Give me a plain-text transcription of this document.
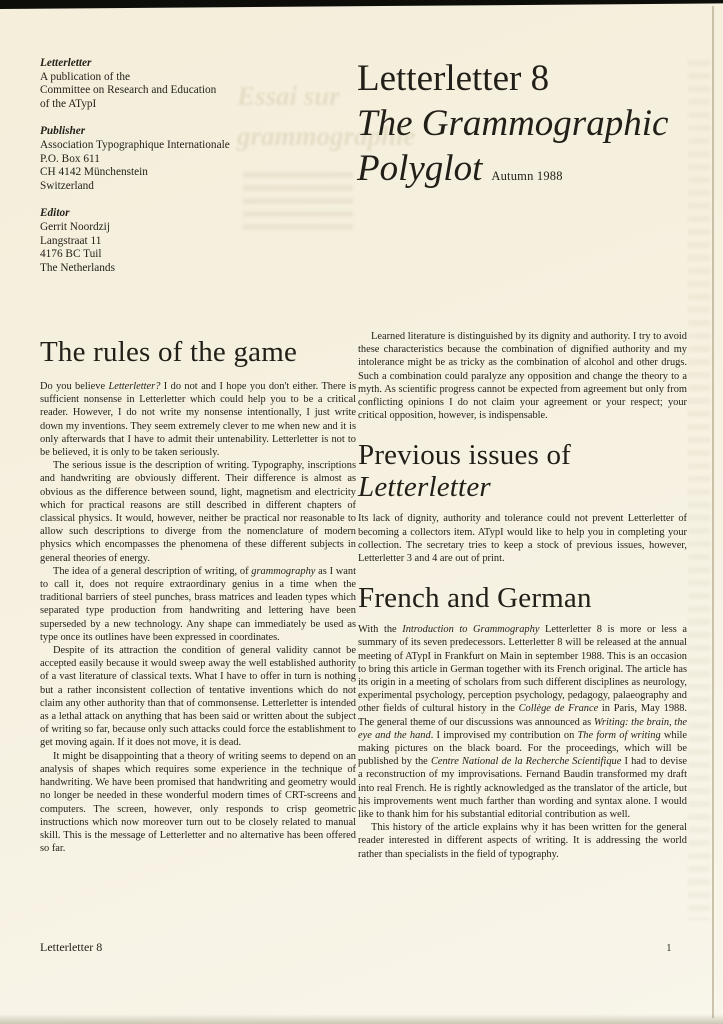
Essai sur
grammographie
Letterletter
A publication of the
Committee on Research and Education
of the ATypI
Publisher
Association Typographique Internationale
P.O. Box 611
CH 4142 Münchenstein
Switzerland
Editor
Gerrit Noordzij
Langstraat 11
4176 BC Tuil
The Netherlands
Letterletter 8
The Grammographic
Polyglot Autumn 1988
The rules of the game

Do you believe Letterletter? I do not and I hope you don't either. There is sufficient nonsense in Letterletter which could help you to be a critical reader. However, I do not write my nonsense intentionally, I just write down my inventions. They seem extremely clever to me when new and it is only afterwards that I have to admit their untenability. Letterletter is not to be believed, it is only to be taken seriously.

The serious issue is the description of writing. Typography, inscriptions and handwriting are obviously different. Their difference is almost as obvious as the difference between sound, light, magnetism and electricity which for practical reasons are still described in different chapters of classical physics. It would, however, neither be practical nor reasonable to allow such descriptions to diverge from the nomenclature of modern physics which encompasses the phenomena of these different subjects in general theories of energy.

The idea of a general description of writing, of grammography as I want to call it, does not require extraordinary genius in a time when the traditional barriers of steel punches, brass matrices and leaden types which separated type production from handwriting and lettering have been superseded by a new technology. Any shape can immediately be used as type once its outlines have been expressed in coordinates.

Despite of its attraction the condition of general validity cannot be accepted easily because it would sweep away the well established authority of a vast literature of classical texts. What I have to offer in turn is nothing but a rather inconsistent collection of tentative inventions which do not claim any other authority than that of commonsense. Letterletter is intended as a lethal attack on anything that has been said or written about the subject of writing so far, because only such attacks could force the establishment to get moving again. If it does not move, it is dead.

It might be disappointing that a theory of writing seems to depend on an analysis of shapes which requires some experience in the technique of handwriting. We have been promised that handwriting and geometry would no longer be needed in these wonderful modern times of CRT-screens and computers. The screen, however, only responds to crisp geometric instructions which now moreover turn out to be closely related to manual skill. This is the message of Letterletter and no alternative has been offered so far.

Learned literature is distinguished by its dignity and authority. I try to avoid these characteristics because the combination of dignified authority and my intolerance might be as tricky as the combination of alcohol and other drugs. Such a combination could paralyze any opposition and change the theory to a myth. As scientific progress cannot be expected from agreement but only from conflicting opinions I do not claim your agreement or your respect; your critical opposition, however, is indispensable.

Previous issues of
Letterletter

Its lack of dignity, authority and tolerance could not prevent Letterletter of becoming a collectors item. ATypI would like to help you in completing your collection. The secretary tries to keep a stock of previous issues, however, Letterletter 3 and 4 are out of print.

French and German

With the Introduction to Grammography Letterletter 8 is more or less a summary of its seven predecessors. Letterletter 8 will be released at the annual meeting of ATypI in Frankfurt on Main in september 1988. This is an occasion to bring this article in German together with its French original. The article has its origin in a meeting of scholars from such different disciplines as neurology, experimental psychology, perception psychology, pedagogy, palaeography and other fields of cultural history in the Collège de France in Paris, May 1988. The general theme of our discussions was announced as Writing: the brain, the eye and the hand. I improvised my contribution on The form of writing while making pictures on the black board. For the proceedings, which will be published by the Centre National de la Recherche Scientifique I had to devise a reconstruction of my improvisations. Fernand Baudin transformed my draft into real French. He is rightly acknowledged as the translator of the article, but his improvements went much farther than wording and syntax alone. I would like to thank him for his substantial editorial contribution as well.

This history of the article explains why it has been written for the general reader interested in different aspects of writing. It is addressing the world rather than specialists in the field of typography.

Letterletter 8	1
